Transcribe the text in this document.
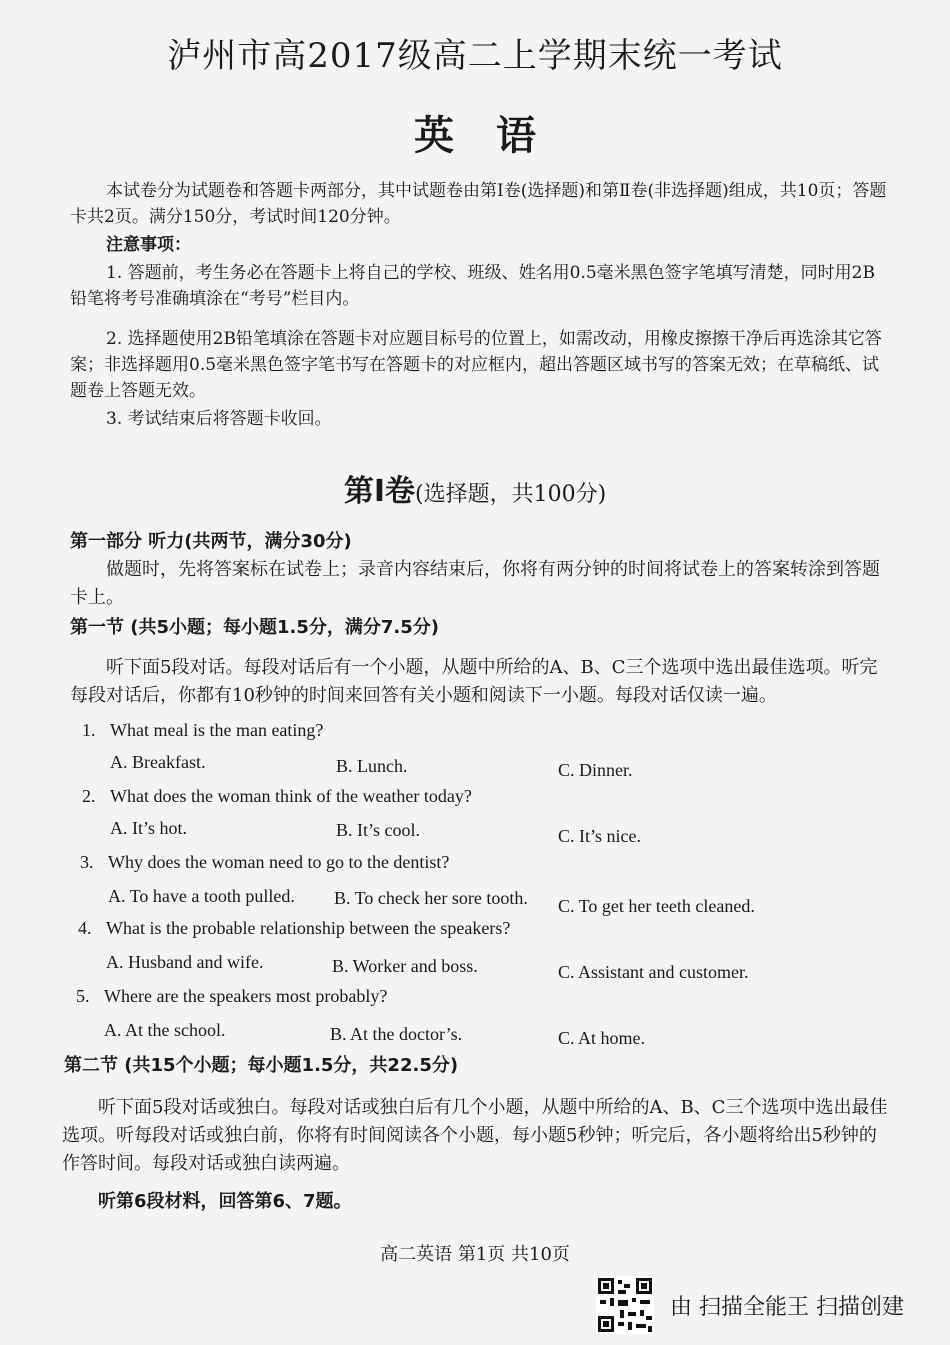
泸州市高2017级高二上学期末统一考试
英 语
本试卷分为试题卷和答题卡两部分，其中试题卷由第Ⅰ卷(选择题)和第Ⅱ卷(非选择题)组成，共10页；答题卡共2页。满分150分，考试时间120分钟。
注意事项：
1. 答题前，考生务必在答题卡上将自己的学校、班级、姓名用0.5毫米黑色签字笔填写清楚，同时用2B铅笔将考号准确填涂在“考号”栏目内。
2. 选择题使用2B铅笔填涂在答题卡对应题目标号的位置上，如需改动，用橡皮擦擦干净后再选涂其它答案；非选择题用0.5毫米黑色签字笔书写在答题卡的对应框内，超出答题区域书写的答案无效；在草稿纸、试题卷上答题无效。
3. 考试结束后将答题卡收回。
第Ⅰ卷(选择题，共100分)
第一部分 听力(共两节，满分30分)
做题时，先将答案标在试卷上；录音内容结束后，你将有两分钟的时间将试卷上的答案转涂到答题卡上。
第一节 (共5小题；每小题1.5分，满分7.5分)
听下面5段对话。每段对话后有一个小题，从题中所给的A、B、C三个选项中选出最佳选项。听完每段对话后，你都有10秒钟的时间来回答有关小题和阅读下一小题。每段对话仅读一遍。
1. What meal is the man eating?
A. Breakfast.	B. Lunch.	C. Dinner.
2. What does the woman think of the weather today?
A. It’s hot.	B. It’s cool.	C. It’s nice.
3. Why does the woman need to go to the dentist?
A. To have a tooth pulled. B. To check her sore tooth. C. To get her teeth cleaned.
4. What is the probable relationship between the speakers?
A. Husband and wife.	B. Worker and boss.	C. Assistant and customer.
5. Where are the speakers most probably?
A. At the school.	B. At the doctor’s.	C. At home.
第二节 (共15个小题；每小题1.5分，共22.5分)
听下面5段对话或独白。每段对话或独白后有几个小题，从题中所给的A、B、C三个选项中选出最佳选项。听每段对话或独白前，你将有时间阅读各个小题，每小题5秒钟；听完后，各小题将给出5秒钟的作答时间。每段对话或独白读两遍。
听第6段材料，回答第6、7题。
高二英语 第1页 共10页
由 扫描全能王 扫描创建
